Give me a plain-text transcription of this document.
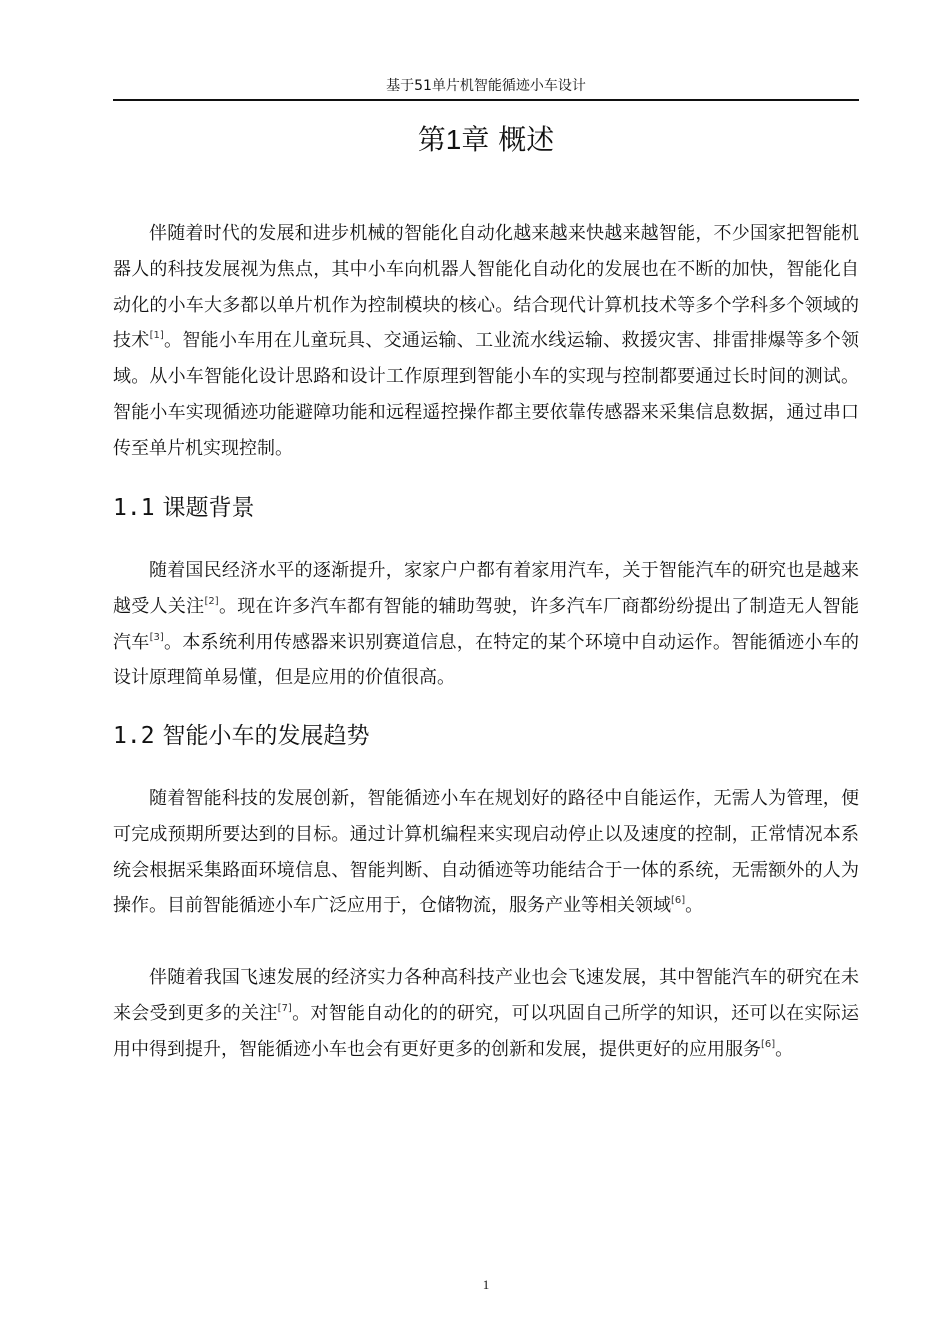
基于51单片机智能循迹小车设计
第1章 概述

伴随着时代的发展和进步机械的智能化自动化越来越来快越来越智能，不少国家把智能机器人的科技发展视为焦点，其中小车向机器人智能化自动化的发展也在不断的加快，智能化自动化的小车大多都以单片机作为控制模块的核心。结合现代计算机技术等多个学科多个领域的技术[1]。智能小车用在儿童玩具、交通运输、工业流水线运输、救援灾害、排雷排爆等多个领域。从小车智能化设计思路和设计工作原理到智能小车的实现与控制都要通过长时间的测试。智能小车实现循迹功能避障功能和远程遥控操作都主要依靠传感器来采集信息数据，通过串口传至单片机实现控制。

1.1 课题背景

随着国民经济水平的逐渐提升，家家户户都有着家用汽车，关于智能汽车的研究也是越来越受人关注[2]。现在许多汽车都有智能的辅助驾驶，许多汽车厂商都纷纷提出了制造无人智能汽车[3]。本系统利用传感器来识别赛道信息，在特定的某个环境中自动运作。智能循迹小车的设计原理简单易懂，但是应用的价值很高。

1.2 智能小车的发展趋势

随着智能科技的发展创新，智能循迹小车在规划好的路径中自能运作，无需人为管理，便可完成预期所要达到的目标。通过计算机编程来实现启动停止以及速度的控制，正常情况本系统会根据采集路面环境信息、智能判断、自动循迹等功能结合于一体的系统，无需额外的人为操作。目前智能循迹小车广泛应用于，仓储物流，服务产业等相关领域[6]。

伴随着我国飞速发展的经济实力各种高科技产业也会飞速发展，其中智能汽车的研究在未来会受到更多的关注[7]。对智能自动化的的研究，可以巩固自己所学的知识，还可以在实际运用中得到提升，智能循迹小车也会有更好更多的创新和发展，提供更好的应用服务[6]。

1
